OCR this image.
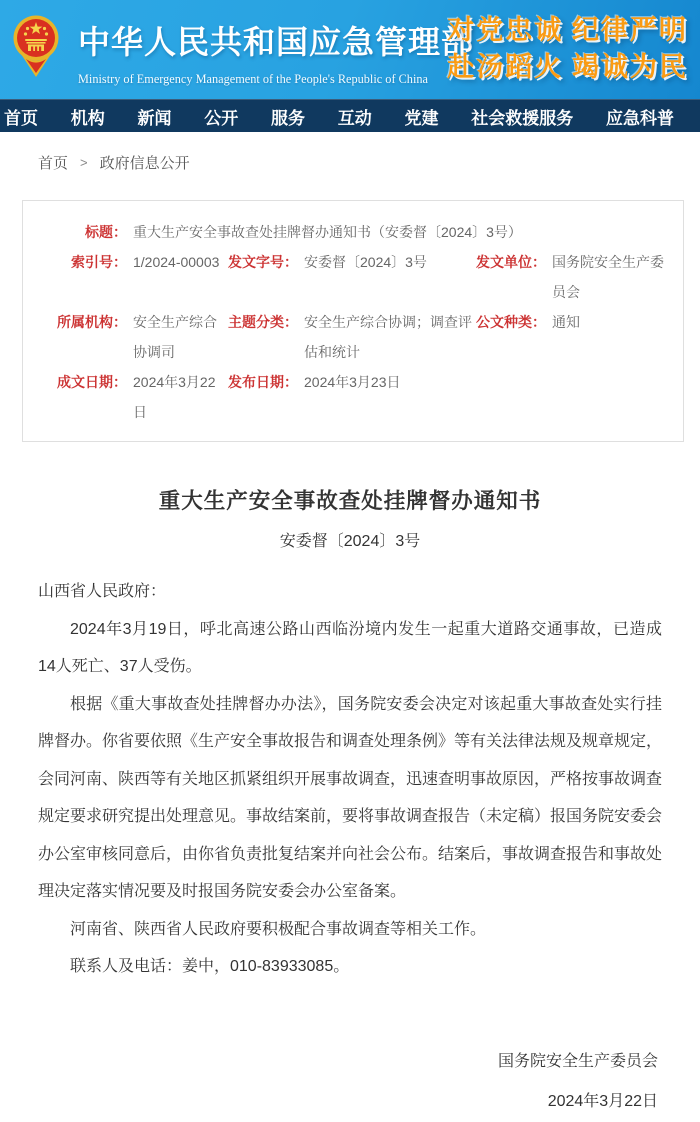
中华人民共和国应急管理部
Ministry of Emergency Management of the People's Republic of China
对党忠诚 纪律严明
赴汤蹈火 竭诚为民
首页 机构 新闻 公开 服务 互动 党建 社会救援服务 应急科普
首页 > 政府信息公开
标题： 重大生产安全事故查处挂牌督办通知书（安委督〔2024〕3号）
索引号： 1/2024-00003 发文字号： 安委督〔2024〕3号	发文单位： 国务院安全生产委员会
所属机构： 安全生产综合协调司
主题分类： 安全生产综合协调；调查评估和统计
公文种类： 通知
成文日期： 2024年3月22日
发布日期： 2024年3月23日
重大生产安全事故查处挂牌督办通知书
安委督〔2024〕3号

山西省人民政府：

2024年3月19日，呼北高速公路山西临汾境内发生一起重大道路交通事故，已造成14人死亡、37人受伤。

根据《重大事故查处挂牌督办办法》，国务院安委会决定对该起重大事故查处实行挂牌督办。你省要依照《生产安全事故报告和调查处理条例》等有关法律法规及规章规定，会同河南、陕西等有关地区抓紧组织开展事故调查，迅速查明事故原因，严格按事故调查规定要求研究提出处理意见。事故结案前，要将事故调查报告（未定稿）报国务院安委会办公室审核同意后，由你省负责批复结案并向社会公布。结案后，事故调查报告和事故处理决定落实情况要及时报国务院安委会办公室备案。

河南省、陕西省人民政府要积极配合事故调查等相关工作。

联系人及电话：姜中，010-83933085。

国务院安全生产委员会
2024年3月22日
